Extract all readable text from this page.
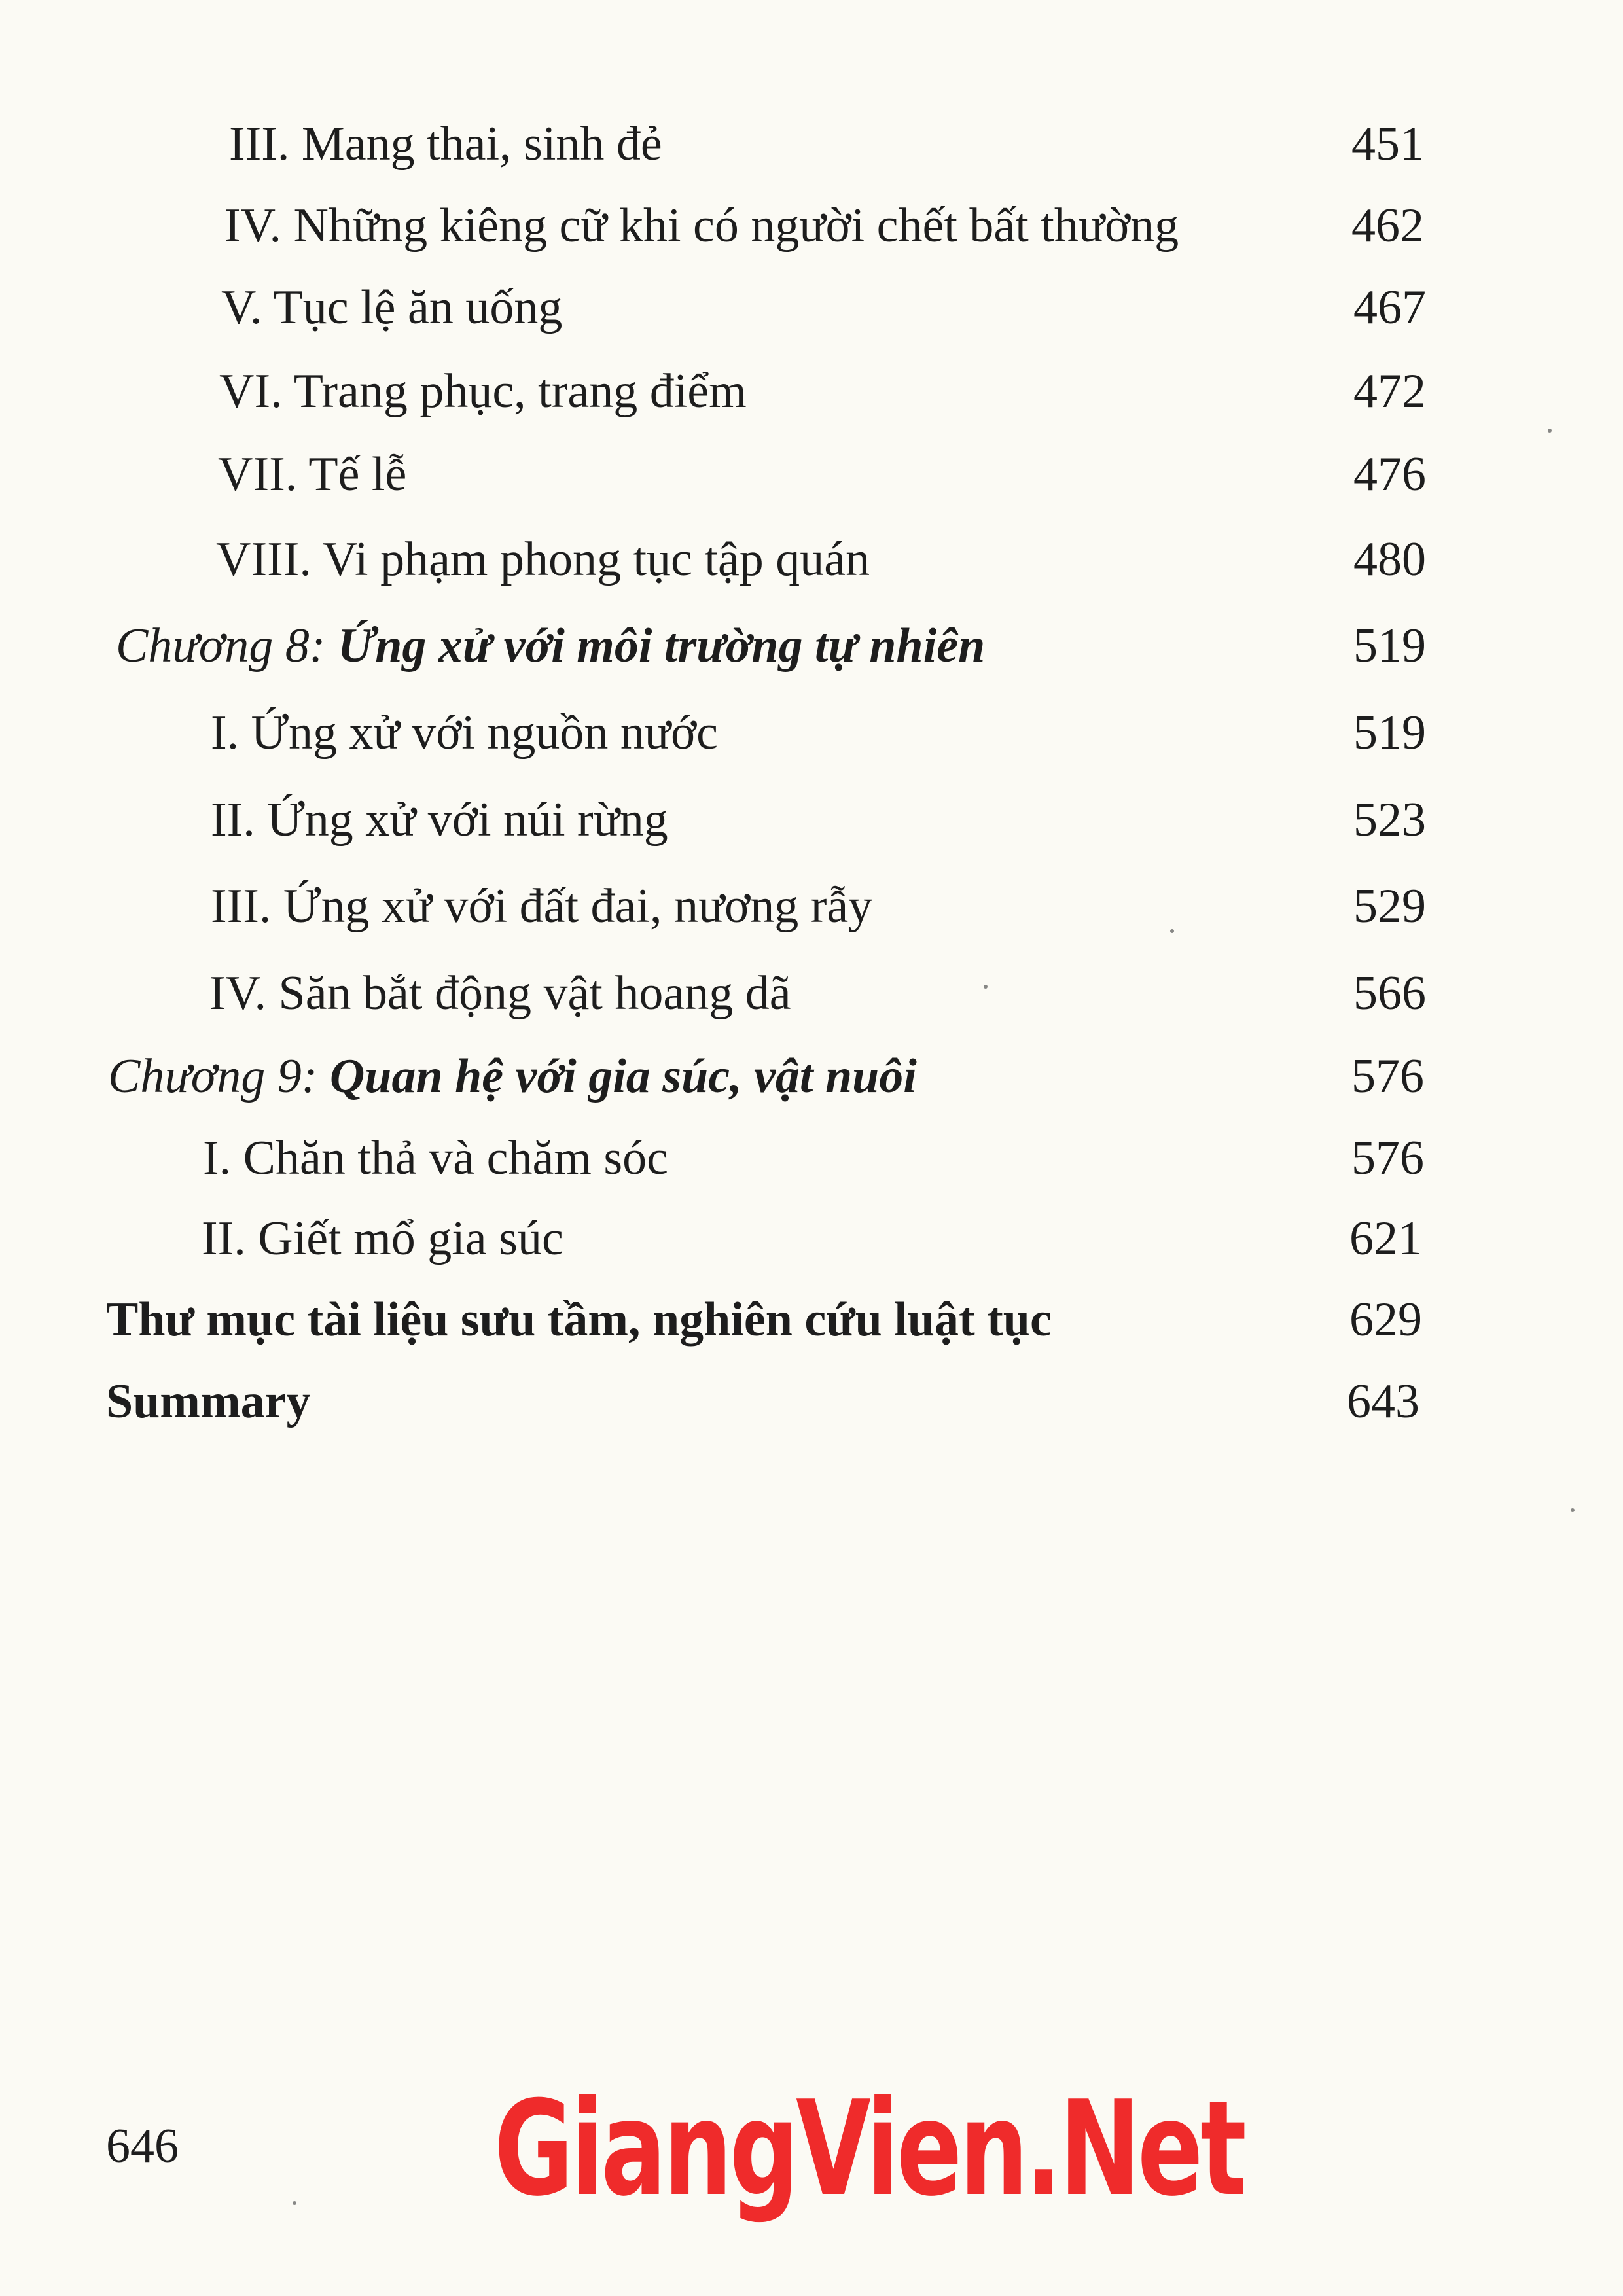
III. Mang thai, sinh đẻ	451
IV. Những kiêng cữ khi có người chết bất thường	462
V. Tục lệ ăn uống	467
VI. Trang phục, trang điểm	472
VII. Tế lễ	476
VIII. Vi phạm phong tục tập quán	480
Chương 8: Ứng xử với môi trường tự nhiên	519
I. Ứng xử với nguồn nước	519
II. Ứng xử với núi rừng	523
III. Ứng xử với đất đai, nương rẫy	529
IV. Săn bắt động vật hoang dã	566
Chương 9: Quan hệ với gia súc, vật nuôi	576
I. Chăn thả và chăm sóc	576
II. Giết mổ gia súc	621
Thư mục tài liệu sưu tầm, nghiên cứu luật tục	629
Summary	643
646 GiangVien.Net
